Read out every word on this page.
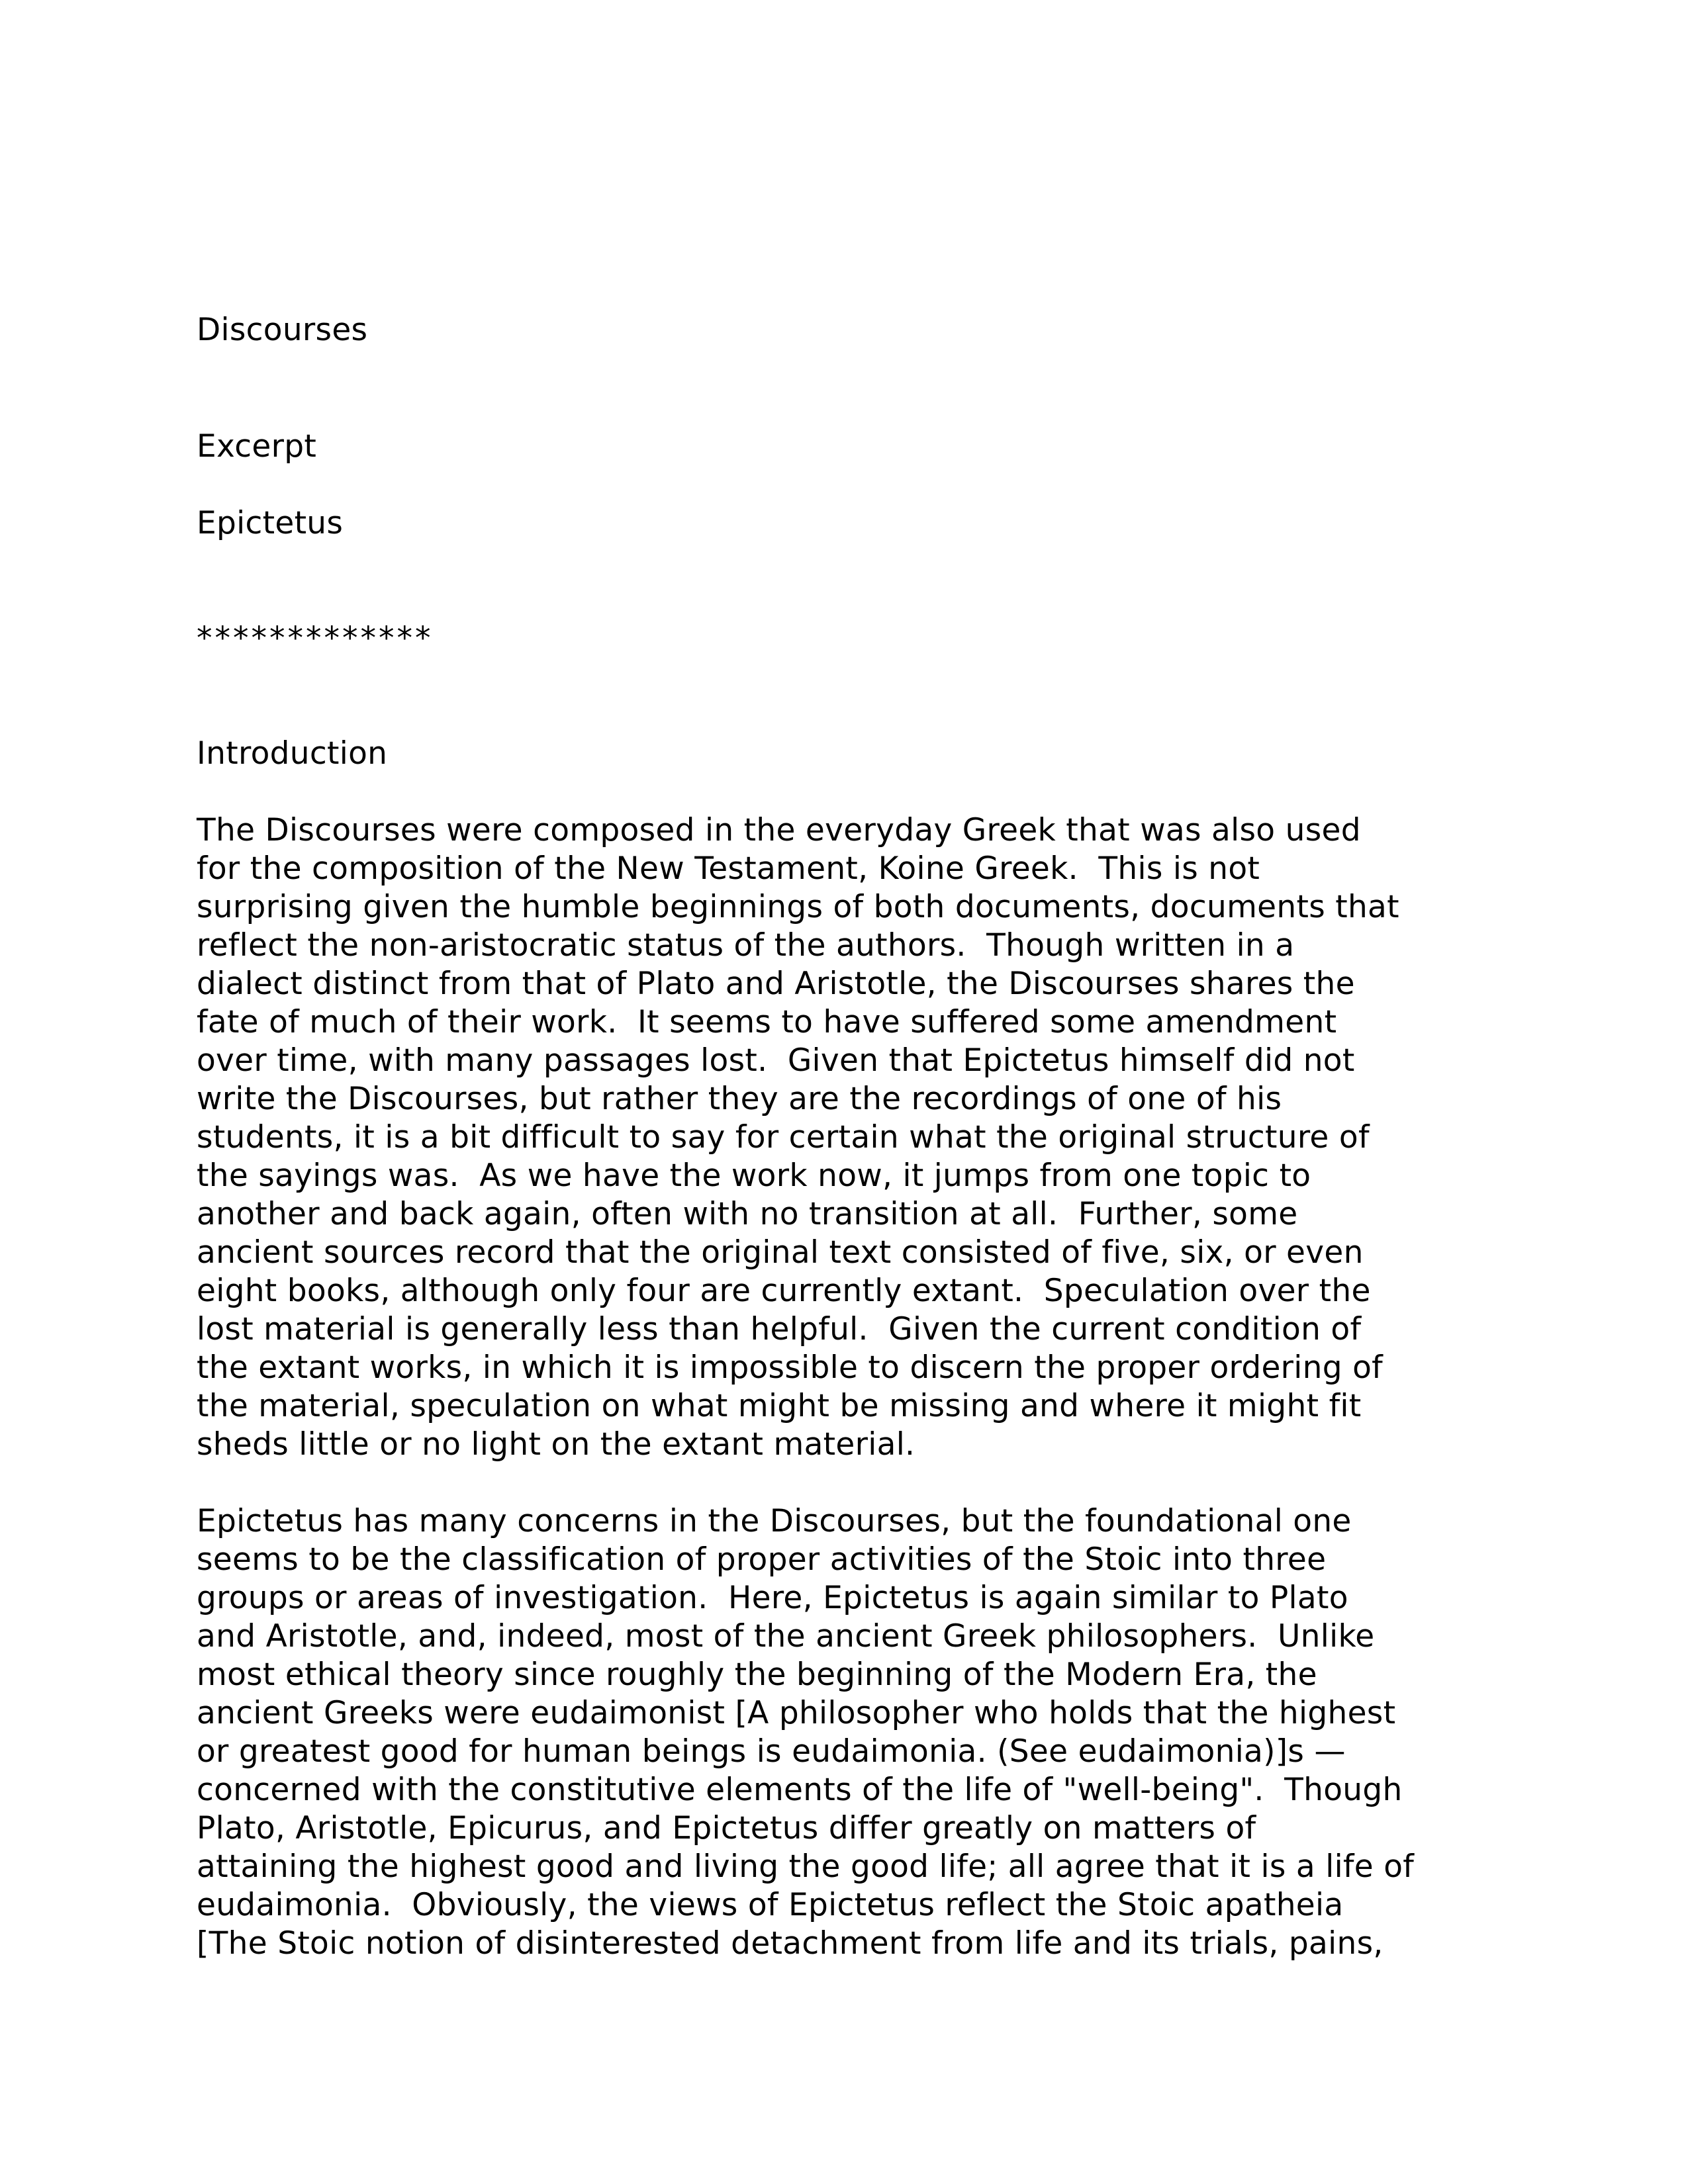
Discourses
Excerpt
Epictetus
*************
Introduction

The Discourses were composed in the everyday Greek that was also used
for the composition of the New Testament, Koine Greek.  This is not
surprising given the humble beginnings of both documents, documents that
reflect the non-aristocratic status of the authors.  Though written in a
dialect distinct from that of Plato and Aristotle, the Discourses shares the
fate of much of their work.  It seems to have suffered some amendment
over time, with many passages lost.  Given that Epictetus himself did not
write the Discourses, but rather they are the recordings of one of his
students, it is a bit difficult to say for certain what the original structure of
the sayings was.  As we have the work now, it jumps from one topic to
another and back again, often with no transition at all.  Further, some
ancient sources record that the original text consisted of five, six, or even
eight books, although only four are currently extant.  Speculation over the
lost material is generally less than helpful.  Given the current condition of
the extant works, in which it is impossible to discern the proper ordering of
the material, speculation on what might be missing and where it might fit
sheds little or no light on the extant material.

Epictetus has many concerns in the Discourses, but the foundational one
seems to be the classification of proper activities of the Stoic into three
groups or areas of investigation.  Here, Epictetus is again similar to Plato
and Aristotle, and, indeed, most of the ancient Greek philosophers.  Unlike
most ethical theory since roughly the beginning of the Modern Era, the
ancient Greeks were eudaimonist [A philosopher who holds that the highest
or greatest good for human beings is eudaimonia. (See eudaimonia)]s —
concerned with the constitutive elements of the life of "well-being".  Though
Plato, Aristotle, Epicurus, and Epictetus differ greatly on matters of
attaining the highest good and living the good life; all agree that it is a life of
eudaimonia.  Obviously, the views of Epictetus reflect the Stoic apatheia
[The Stoic notion of disinterested detachment from life and its trials, pains,
